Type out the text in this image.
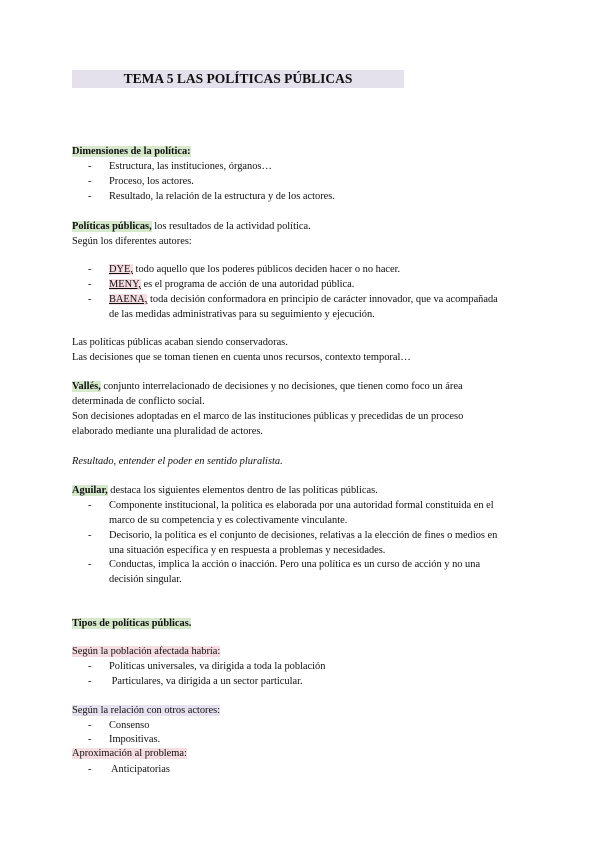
TEMA 5 LAS POLÍTICAS PÚBLICAS
Dimensiones de la política:
- Estructura, las instituciones, órganos…
- Proceso, los actores.
- Resultado, la relación de la estructura y de los actores.
Políticas públicas, los resultados de la actividad política.
Según los diferentes autores:
- DYE, todo aquello que los poderes públicos deciden hacer o no hacer.
- MENY, es el programa de acción de una autoridad pública.
- BAENA, toda decisión conformadora en principio de carácter innovador, que va acompañada
de las medidas administrativas para su seguimiento y ejecución.
Las políticas públicas acaban siendo conservadoras.
Las decisiones que se toman tienen en cuenta unos recursos, contexto temporal…
Vallés, conjunto interrelacionado de decisiones y no decisiones, que tienen como foco un área
determinada de conflicto social.
Son decisiones adoptadas en el marco de las instituciones públicas y precedidas de un proceso
elaborado mediante una pluralidad de actores.
Resultado, entender el poder en sentido pluralista.
Aguilar, destaca los siguientes elementos dentro de las políticas públicas.
- Componente institucional, la política es elaborada por una autoridad formal constituida en el
marco de su competencia y es colectivamente vinculante.
- Decisorio, la política es el conjunto de decisiones, relativas a la elección de fines o medios en
una situación específica y en respuesta a problemas y necesidades.
- Conductas, implica la acción o inacción. Pero una política es un curso de acción y no una
decisión singular.
Tipos de políticas públicas.
Según la población afectada habría:
- Políticas universales, va dirigida a toda la población
- Particulares, va dirigida a un sector particular.
Según la relación con otros actores:
- Consenso
- Impositivas.
Aproximación al problema:
- Anticipatorias
